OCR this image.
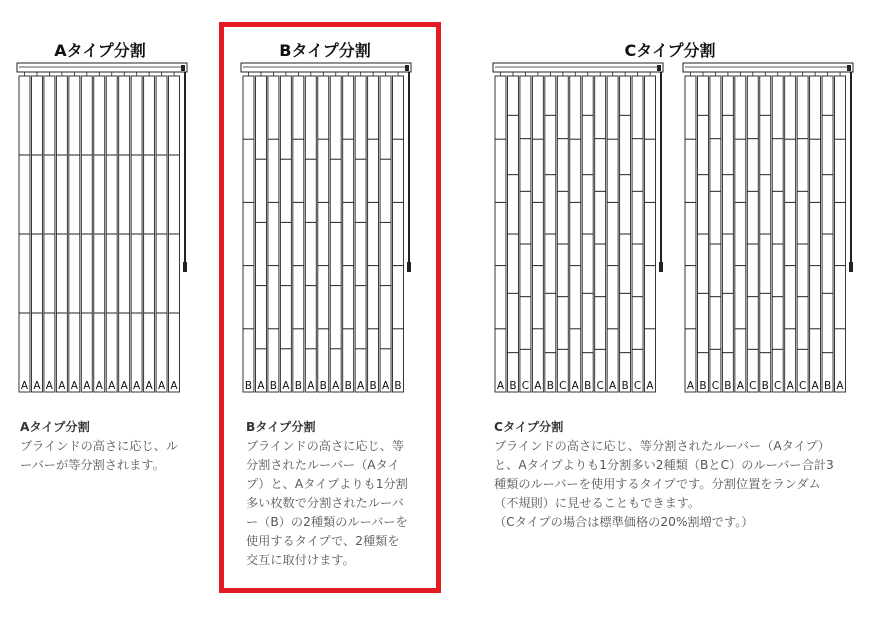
Aタイプ分割	Bタイプ分割	Cタイプ分割
A A A A A A A A A A A A A	B A B A B A B A B A B A B	A B C A B C A B C A B C A	A B C B A C B C A C A B A
Aタイプ分割
ブラインドの高さに応じ、ル
ーバーが等分割されます。
Bタイプ分割
ブラインドの高さに応じ、等
分割されたルーバー（Aタイ
プ）と、Aタイプよりも1分割
多い枚数で分割されたルーバ
ー（B）の2種類のルーバーを
使用するタイプで、2種類を
交互に取付けます。
Cタイプ分割
ブラインドの高さに応じ、等分割されたルーバー（Aタイプ）
と、Aタイプよりも1分割多い2種類（BとC）のルーバー合計3
種類のルーバーを使用するタイプです。分割位置をランダム
（不規則）に見せることもできます。
（Cタイプの場合は標準価格の20%割増です。）
